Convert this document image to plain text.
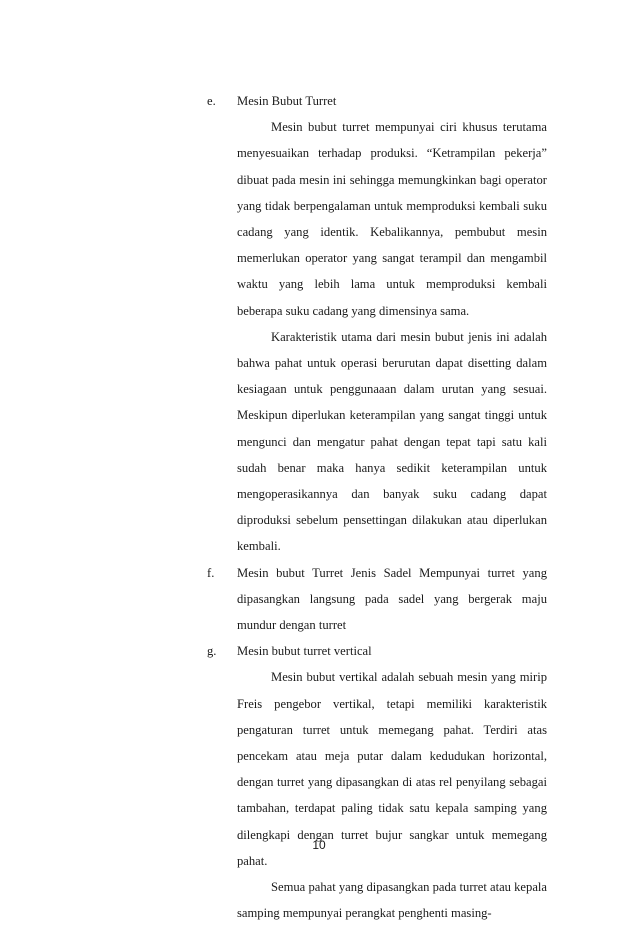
e. Mesin Bubut Turret

Mesin bubut turret mempunyai ciri khusus terutama menyesuaikan terhadap produksi. “Ketrampilan pekerja” dibuat pada mesin ini sehingga memungkinkan bagi operator yang tidak berpengalaman untuk memproduksi kembali suku cadang yang identik. Kebalikannya, pembubut mesin memerlukan operator yang sangat terampil dan mengambil waktu yang lebih lama untuk memproduksi kembali beberapa suku cadang yang dimensinya sama.

Karakteristik utama dari mesin bubut jenis ini adalah bahwa pahat untuk operasi berurutan dapat disetting dalam kesiagaan untuk penggunaaan dalam urutan yang sesuai. Meskipun diperlukan keterampilan yang sangat tinggi untuk mengunci dan mengatur pahat dengan tepat tapi satu kali sudah benar maka hanya sedikit keterampilan untuk mengoperasikannya dan banyak suku cadang dapat diproduksi sebelum pensettingan dilakukan atau diperlukan kembali.

f. Mesin bubut Turret Jenis Sadel Mempunyai turret yang dipasangkan langsung pada sadel yang bergerak maju mundur dengan turret

g. Mesin bubut turret vertical

Mesin bubut vertikal adalah sebuah mesin yang mirip Freis pengebor vertikal, tetapi memiliki karakteristik pengaturan turret untuk memegang pahat. Terdiri atas pencekam atau meja putar dalam kedudukan horizontal, dengan turret yang dipasangkan di atas rel penyilang sebagai tambahan, terdapat paling tidak satu kepala samping yang dilengkapi dengan turret bujur sangkar untuk memegang pahat.

Semua pahat yang dipasangkan pada turret atau kepala samping mempunyai perangkat penghenti masing-

10
